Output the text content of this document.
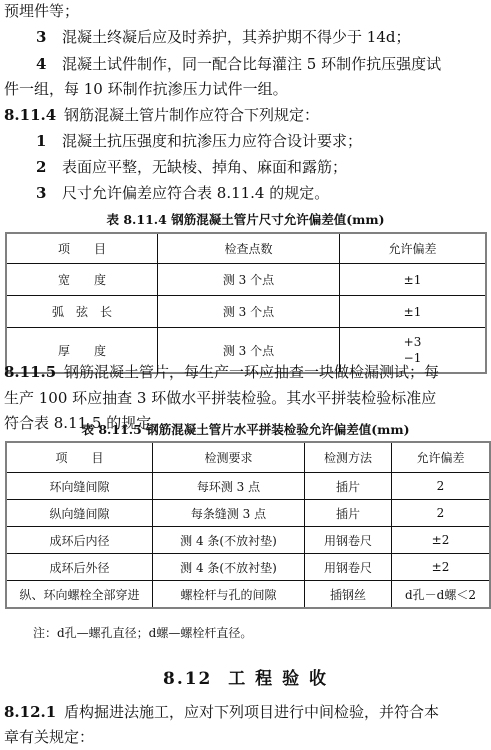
预埋件等；
3 混凝土终凝后应及时养护，其养护期不得少于 14d；
4 混凝土试件制作，同一配合比每灌注 5 环制作抗压强度试
件一组，每 10 环制作抗渗压力试件一组。
8.11.4 钢筋混凝土管片制作应符合下列规定：
1 混凝土抗压强度和抗渗压力应符合设计要求；
2 表面应平整，无缺棱、掉角、麻面和露筋；
3 尺寸允许偏差应符合表 8.11.4 的规定。
表 8.11.4 钢筋混凝土管片尺寸允许偏差值(mm)
项　　目	检查点数	允许偏差
宽　　度	测 3 个点	±1
弧　弦　长	测 3 个点	±1
厚　　度	测 3 个点	+3
−1
8.11.5 钢筋混凝土管片，每生产一环应抽查一块做检漏测试；每
生产 100 环应抽查 3 环做水平拼装检验。其水平拼装检验标准应
符合表 8.11.5 的规定。
表 8.11.5 钢筋混凝土管片水平拼装检验允许偏差值(mm)
项　　目	检测要求	检测方法	允许偏差
环向缝间隙	每环测 3 点	插片	2
纵向缝间隙	每条缝测 3 点	插片	2
成环后内径	测 4 条(不放衬垫)	用钢卷尺	±2
成环后外径	测 4 条(不放衬垫)	用钢卷尺	±2
纵、环向螺栓全部穿进	螺栓杆与孔的间隙	插钢丝	d孔－d螺＜2
注：d孔—螺孔直径；d螺—螺栓杆直径。
8.12 工 程 验 收
8.12.1 盾构掘进法施工，应对下列项目进行中间检验，并符合本
章有关规定：
